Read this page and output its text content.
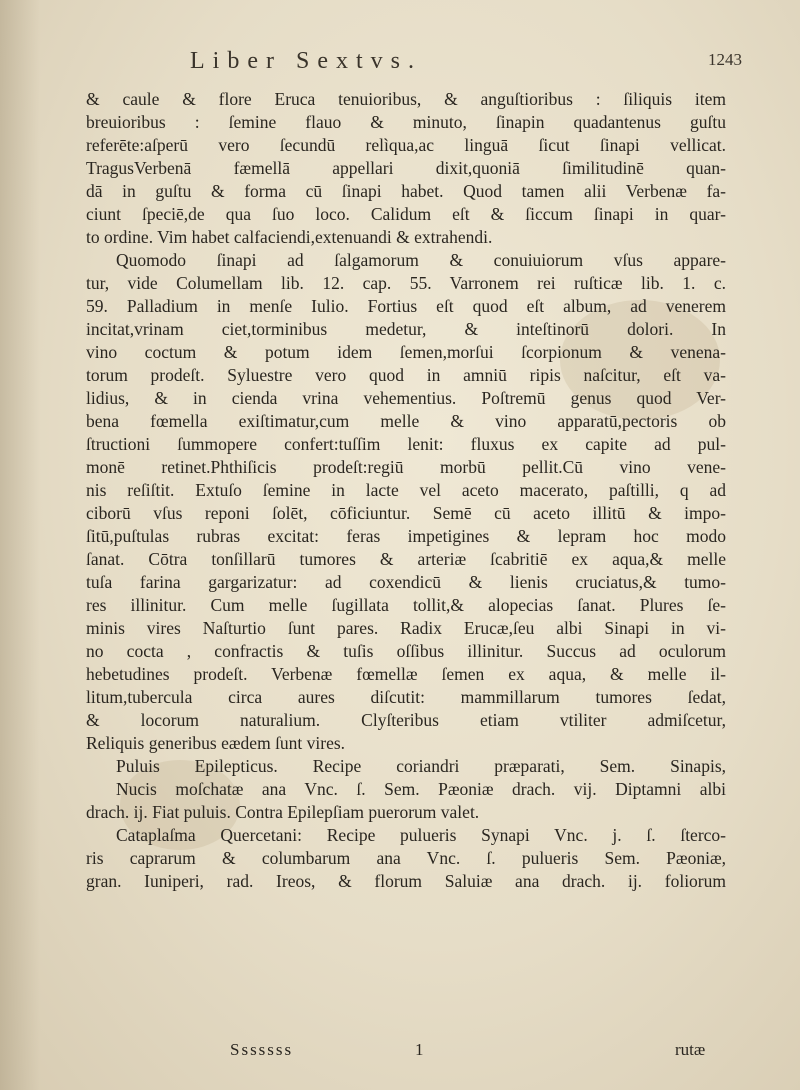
Liber Sextvs.	1243
& caule & flore Eruca tenuioribus, & anguſtioribus : ſiliquis item
breuioribus : ſemine flauo & minuto, ſinapin quadantenus guſtu
referēte:aſperū vero ſecundū relìqua,ac linguā ſicut ſinapi vellicat.
TragusVerbenā fæmellā appellari dixit,quoniā ſimilitudinē quan-
dā in guſtu & forma cū ſinapi habet. Quod tamen alii Verbenæ fa-
ciunt ſpeciē,de qua ſuo loco. Calidum eſt & ſiccum ſinapi in quar-
to ordine. Vim habet calfaciendi,extenuandi & extrahendi.
Quomodo ſinapi ad ſalgamorum & conuiuiorum vſus appare-
tur, vide Columellam lib. 12. cap. 55. Varronem rei ruſticæ lib. 1. c.
59. Palladium in menſe Iulio. Fortius eſt quod eſt album, ad venerem
incitat,vrinam ciet,torminibus medetur, & inteſtinorū dolori. In
vino coctum & potum idem ſemen,morſui ſcorpionum & venena-
torum prodeſt. Syluestre vero quod in amniū ripis naſcitur, eſt va-
lidius, & in cienda vrina vehementius. Poſtremū genus quod Ver-
bena fœmella exiſtimatur,cum melle & vino apparatū,pectoris ob
ſtructioni ſummopere confert:tuſſim lenit: fluxus ex capite ad pul-
monē retinet.Phthiſicis prodeſt:regiū morbū pellit.Cū vino vene-
nis reſiſtit. Extuſo ſemine in lacte vel aceto macerato, paſtilli, q ad
ciborū vſus reponi ſolēt, cōficiuntur. Semē cū aceto illitū & impo-
ſitū,puſtulas rubras excitat: feras impetigines & lepram hoc modo
ſanat. Cōtra tonſillarū tumores & arteriæ ſcabritiē ex aqua,& melle
tuſa farina gargarizatur: ad coxendicū & lienis cruciatus,& tumo-
res illinitur. Cum melle ſugillata tollit,& alopecias ſanat. Plures ſe-
minis vires Naſturtio ſunt pares. Radix Erucæ,ſeu albi Sinapi in vi-
no cocta , confractis & tuſis oſſibus illinitur. Succus ad oculorum
hebetudines prodeſt. Verbenæ fœmellæ ſemen ex aqua, & melle il-
litum,tubercula circa aures diſcutit: mammillarum tumores ſedat,
& locorum naturalium. Clyſteribus etiam vtiliter admiſcetur,
Reliquis generibus eædem ſunt vires.
Puluis Epilepticus. Recipe coriandri præparati, Sem. Sinapis,
Nucis moſchatæ ana Vnc. ſ. Sem. Pæoniæ drach. vij. Diptamni albi
drach. ij. Fiat puluis. Contra Epilepſiam puerorum valet.
Cataplaſma Quercetani: Recipe pulueris Synapi Vnc. j. ſ. ſterco-
ris caprarum & columbarum ana Vnc. ſ. pulueris Sem. Pæoniæ,
gran. Iuniperi, rad. Ireos, & florum Saluiæ ana drach. ij. foliorum
Sssssss	1	rutæ
